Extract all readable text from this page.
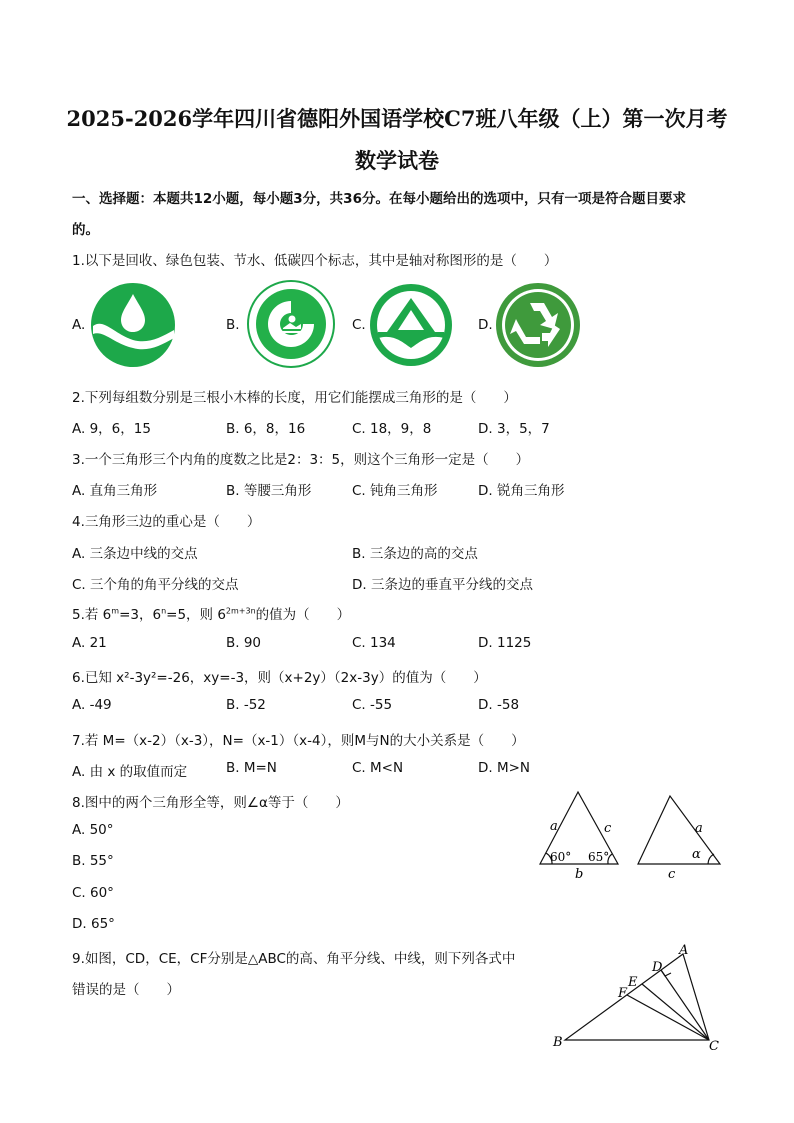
2025-2026学年四川省德阳外国语学校C7班八年级（上）第一次月考
数学试卷
一、选择题：本题共12小题，每小题3分，共36分。在每小题给出的选项中，只有一项是符合题目要求
的。
1.以下是回收、绿色包装、节水、低碳四个标志，其中是轴对称图形的是（　　）
A.	B.	C.	D.
2.下列每组数分别是三根小木棒的长度，用它们能摆成三角形的是（　　）
A. 9，6，15	B. 6，8，16	C. 18，9，8	D. 3，5，7
3.一个三角形三个内角的度数之比是2：3：5，则这个三角形一定是（　　）
A. 直角三角形	B. 等腰三角形	C. 钝角三角形	D. 锐角三角形
4.三角形三边的重心是（　　）
A. 三条边中线的交点	B. 三条边的高的交点
C. 三个角的角平分线的交点	D. 三条边的垂直平分线的交点
5.若 $6^m=3$，$6^n=5$，则 $6^{2m+3n}$的值为（　　）
A. 21	B. 90	C. 134	D. 1125
6.已知 x²-3y²=-26，xy=-3，则（x+2y）（2x-3y）的值为（　　）
A. -49	B. -52	C. -55	D. -58
7.若 M=（x-2）（x-3），N=（x-1）（x-4），则M与N的大小关系是（　　）
A. 由 x 的取值而定	B. M=N	C. M<N	D. M>N
8.图中的两个三角形全等，则∠α等于（　　）
A. 50°
B. 55°
C. 60°
D. 65°
a	c
b
60° 65°
a
α
c
9.如图，CD，CE，CF分别是△ABC的高、角平分线、中线，则下列各式中
错误的是（　　）
A
B	C
D
E
F
